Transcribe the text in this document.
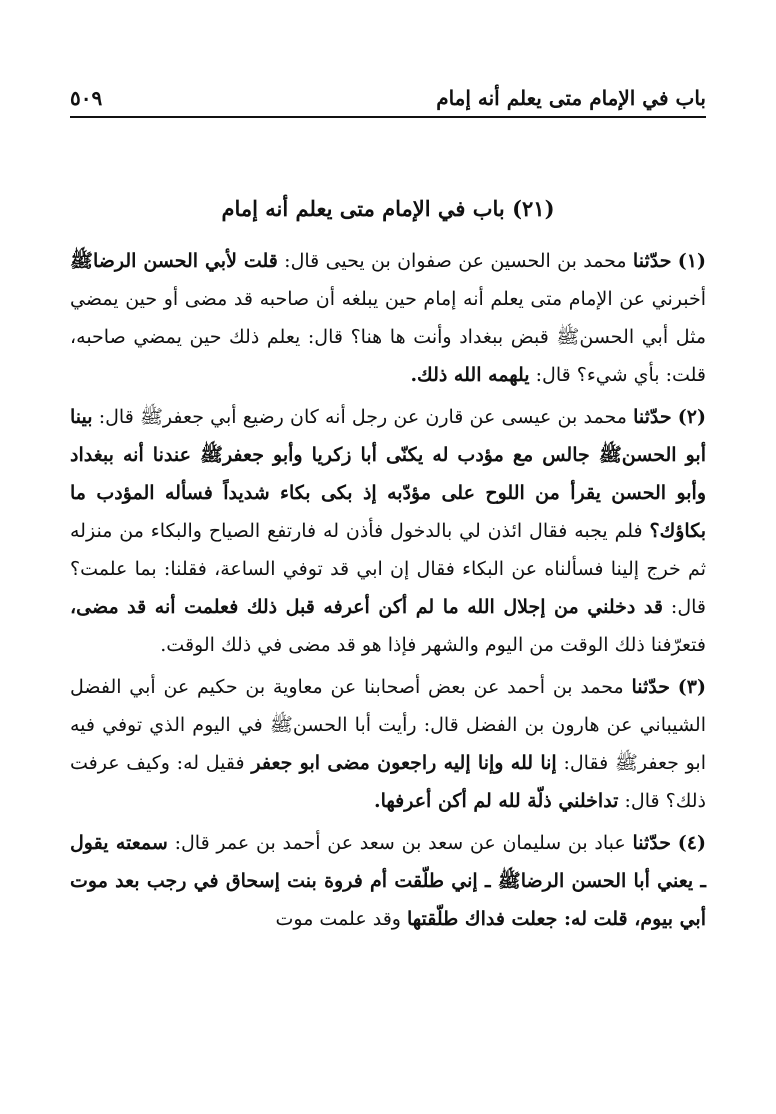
باب في الإمام متى يعلم أنه إمام
٥٠٩
(٢١) باب في الإمام متى يعلم أنه إمام

(١) حدّثنا محمد بن الحسين عن صفوان بن يحيى قال: قلت لأبي الحسن الرضاﷺ أخبرني عن الإمام متى يعلم أنه إمام حين يبلغه أن صاحبه قد مضى أو حين يمضي مثل أبي الحسنﷺ قبض ببغداد وأنت ها هنا؟ قال: يعلم ذلك حين يمضي صاحبه، قلت: بأي شيء؟ قال: يلهمه الله ذلك.

(٢) حدّثنا محمد بن عيسى عن قارن عن رجل أنه كان رضيع أبي جعفرﷺ قال: بينا أبو الحسنﷺ جالس مع مؤدب له يكنّى أبا زكريا وأبو جعفرﷺ عندنا أنه ببغداد وأبو الحسن يقرأ من اللوح على مؤدّبه إذ بكى بكاء شديداً فسأله المؤدب ما بكاؤك؟ فلم يجبه فقال ائذن لي بالدخول فأذن له فارتفع الصياح والبكاء من منزله ثم خرج إلينا فسألناه عن البكاء فقال إن ابي قد توفي الساعة، فقلنا: بما علمت؟ قال: قد دخلني من إجلال الله ما لم أكن أعرفه قبل ذلك فعلمت أنه قد مضى، فتعرّفنا ذلك الوقت من اليوم والشهر فإذا هو قد مضى في ذلك الوقت.

(٣) حدّثنا محمد بن أحمد عن بعض أصحابنا عن معاوية بن حكيم عن أبي الفضل الشيباني عن هارون بن الفضل قال: رأيت أبا الحسنﷺ في اليوم الذي توفي فيه ابو جعفرﷺ فقال: إنا لله وإنا إليه راجعون مضى ابو جعفر فقيل له: وكيف عرفت ذلك؟ قال: تداخلني ذلّة لله لم أكن أعرفها.

(٤) حدّثنا عباد بن سليمان عن سعد بن سعد عن أحمد بن عمر قال: سمعته يقول ـ يعني أبا الحسن الرضاﷺ ـ إني طلّقت أم فروة بنت إسحاق في رجب بعد موت أبي بيوم، قلت له: جعلت فداك طلّقتها وقد علمت موت
